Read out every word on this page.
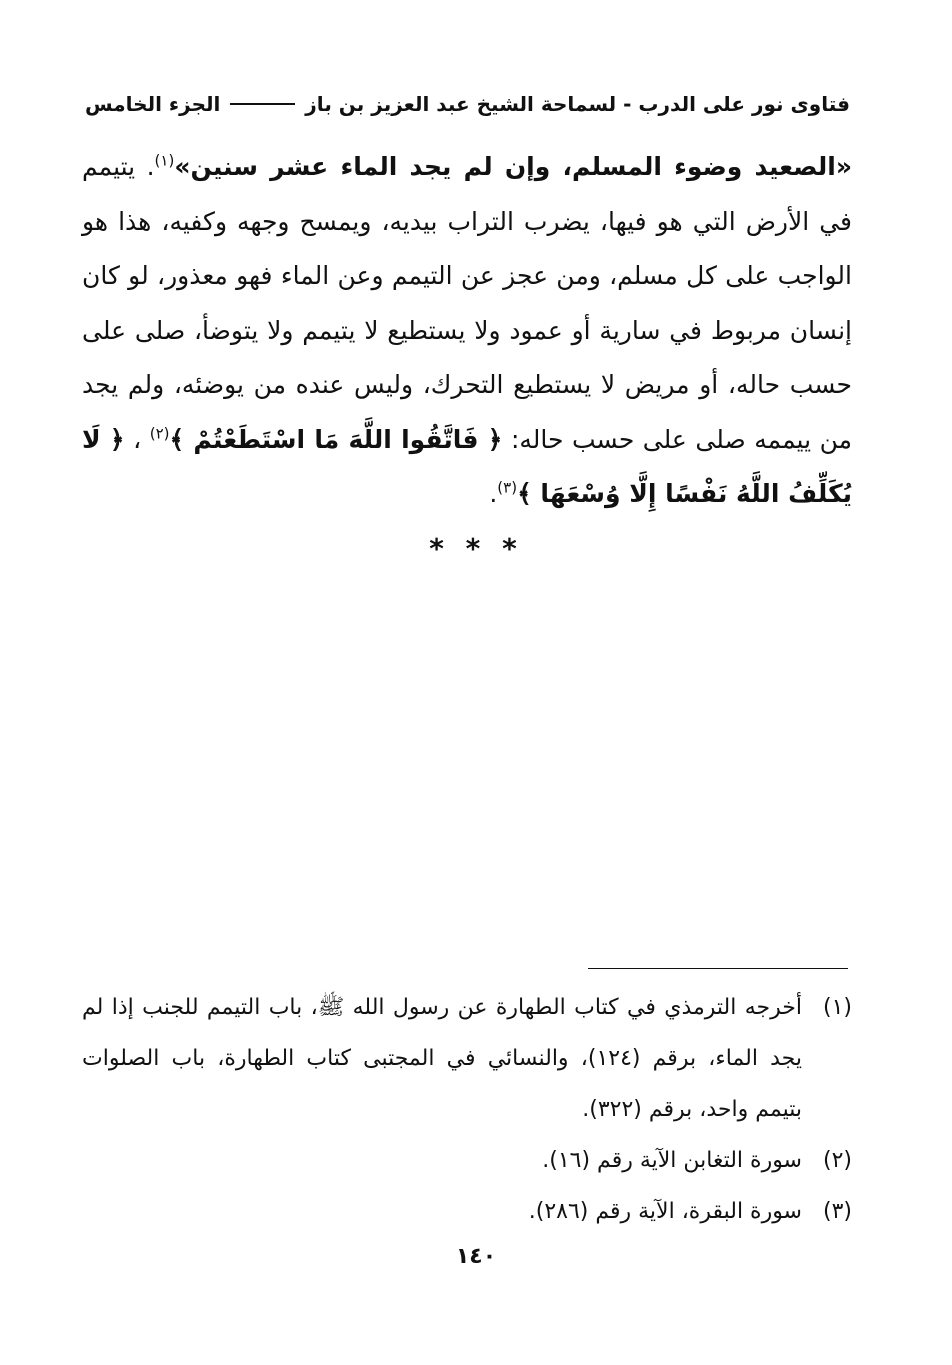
فتاوى نور على الدرب - لسماحة الشيخ عبد العزيز بن باز
الجزء الخامس

«الصعيد وضوء المسلم، وإن لم يجد الماء عشر سنين»$^{(١)}$. يتيمم في الأرض التي هو فيها، يضرب التراب بيديه، ويمسح وجهه وكفيه، هذا هو الواجب على كل مسلم، ومن عجز عن التيمم وعن الماء فهو معذور، لو كان إنسان مربوط في سارية أو عمود ولا يستطيع لا يتيمم ولا يتوضأ، صلى على حسب حاله، أو مريض لا يستطيع التحرك، وليس عنده من يوضئه، ولم يجد من ييممه صلى على حسب حاله: ﴿ فَاتَّقُوا اللَّهَ مَا اسْتَطَعْتُمْ ﴾$^{(٢)}$ ، ﴿ لَا يُكَلِّفُ اللَّهُ نَفْسًا إِلَّا وُسْعَهَا ﴾$^{(٣)}$.

* * *
(١)
أخرجه الترمذي في كتاب الطهارة عن رسول الله ﷺ، باب التيمم للجنب إذا لم يجد الماء، برقم (١٢٤)، والنسائي في المجتبى كتاب الطهارة، باب الصلوات بتيمم واحد، برقم (٣٢٢).
(٢)
سورة التغابن الآية رقم (١٦).
(٣)
سورة البقرة، الآية رقم (٢٨٦).
١٤٠
